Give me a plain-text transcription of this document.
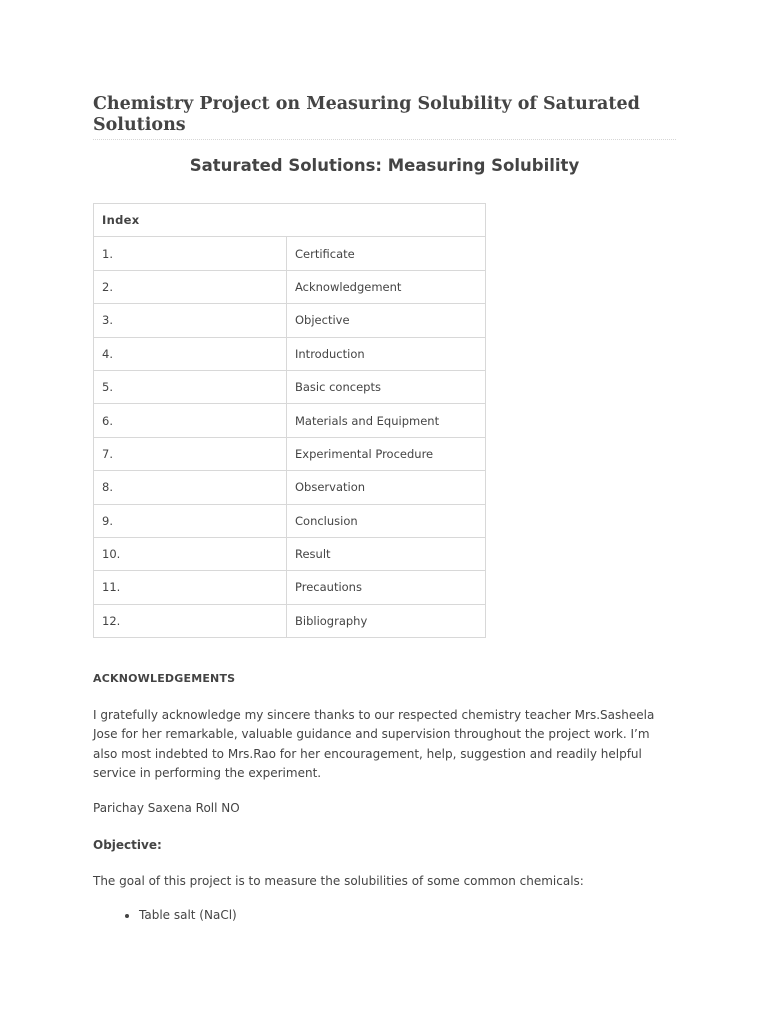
Chemistry Project on Measuring Solubility of Saturated Solutions
Saturated Solutions: Measuring Solubility
Index	
1.	Certificate
2.	Acknowledgement
3.	Objective
4.	Introduction
5.	Basic concepts
6.	Materials and Equipment
7.	Experimental Procedure
8.	Observation
9.	Conclusion
10.	Result
11.	Precautions
12.	Bibliography
ACKNOWLEDGEMENTS

I gratefully acknowledge my sincere thanks to our respected chemistry teacher Mrs.Sasheela Jose for her remarkable, valuable guidance and supervision throughout the project work. I’m also most indebted to Mrs.Rao for her encouragement, help, suggestion and readily helpful service in performing the experiment.

Parichay Saxena Roll NO
Objective:
The goal of this project is to measure the solubilities of some common chemicals:
• Table salt (NaCl)
